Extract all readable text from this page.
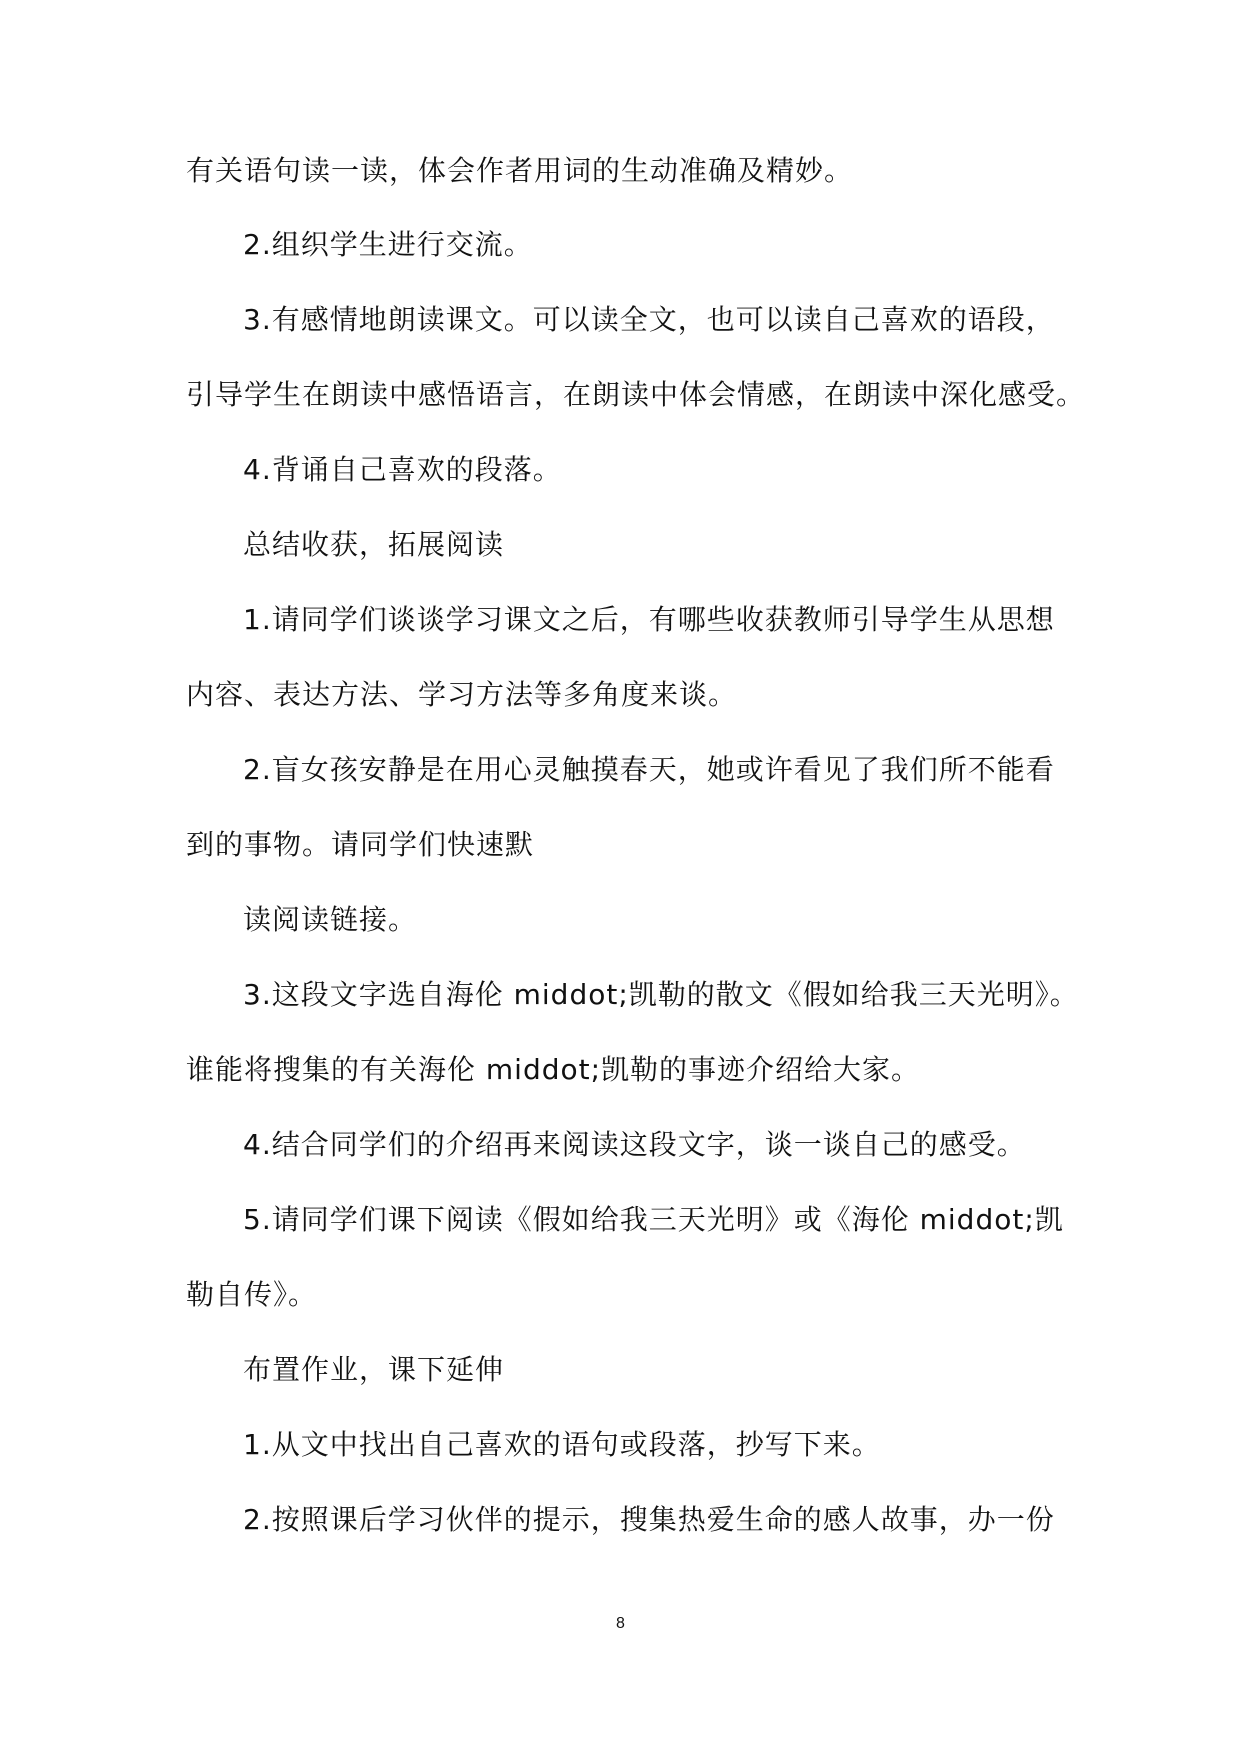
有关语句读一读，体会作者用词的生动准确及精妙。
2.组织学生进行交流。
3.有感情地朗读课文。可以读全文，也可以读自己喜欢的语段，
引导学生在朗读中感悟语言，在朗读中体会情感，在朗读中深化感受。
4.背诵自己喜欢的段落。
总结收获，拓展阅读
1.请同学们谈谈学习课文之后，有哪些收获教师引导学生从思想
内容、表达方法、学习方法等多角度来谈。
2.盲女孩安静是在用心灵触摸春天，她或许看见了我们所不能看
到的事物。请同学们快速默
读阅读链接。
3.这段文字选自海伦 middot;凯勒的散文《假如给我三天光明》。
谁能将搜集的有关海伦 middot;凯勒的事迹介绍给大家。
4.结合同学们的介绍再来阅读这段文字，谈一谈自己的感受。
5.请同学们课下阅读《假如给我三天光明》或《海伦 middot;凯
勒自传》。
布置作业，课下延伸
1.从文中找出自己喜欢的语句或段落，抄写下来。
2.按照课后学习伙伴的提示，搜集热爱生命的感人故事，办一份
8
